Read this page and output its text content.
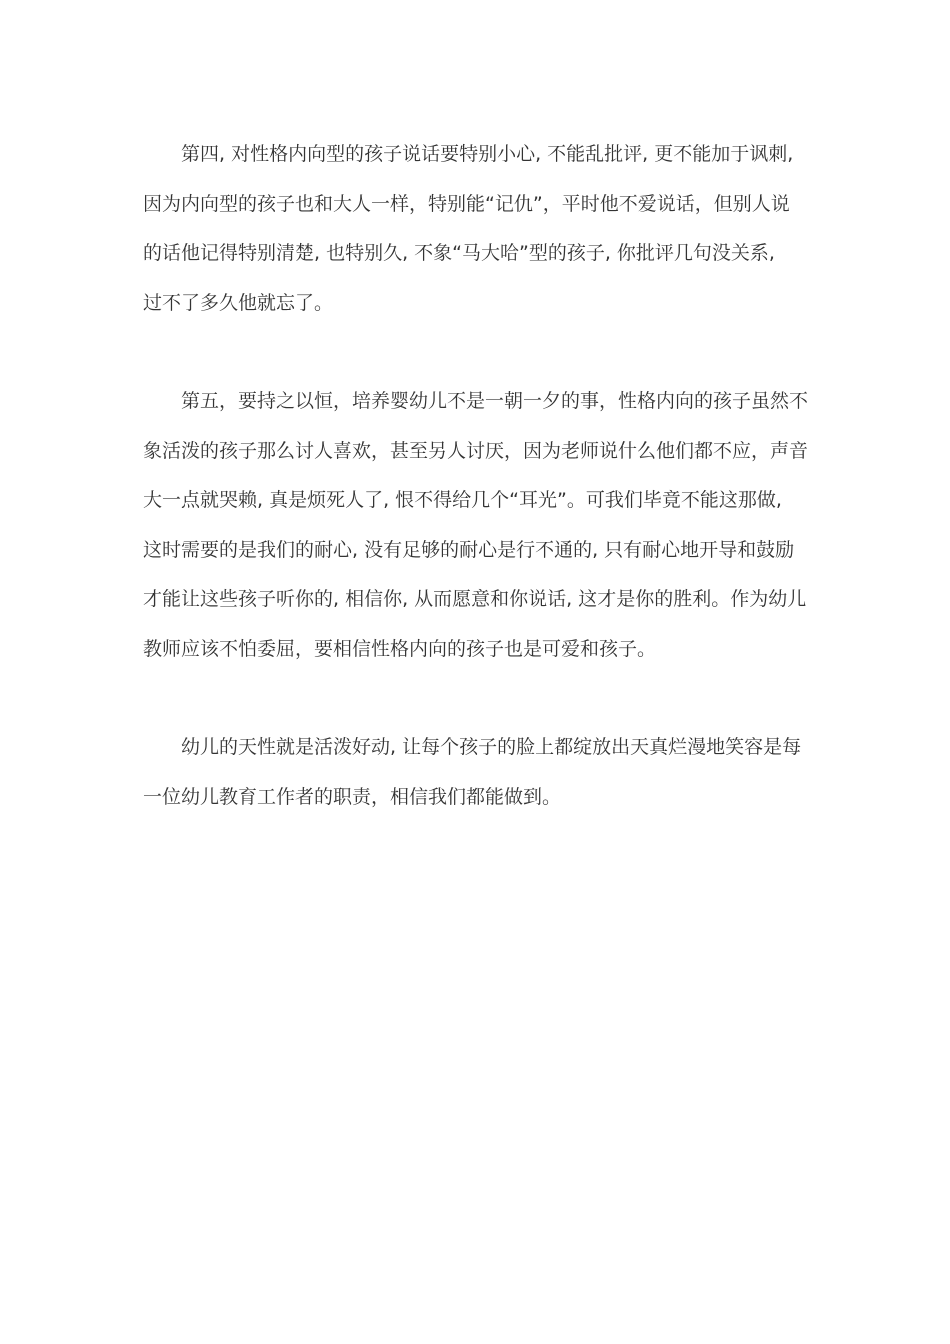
第四, 对性格内向型的孩子说话要特别小心, 不能乱批评, 更不能加于讽刺,
因为内向型的孩子也和大人一样，特别能“记仇”，平时他不爱说话，但别人说
的话他记得特别清楚, 也特别久, 不象“马大哈”型的孩子, 你批评几句没关系,
过不了多久他就忘了。
第五，要持之以恒，培养婴幼儿不是一朝一夕的事，性格内向的孩子虽然不
象活泼的孩子那么讨人喜欢，甚至另人讨厌，因为老师说什么他们都不应，声音
大一点就哭赖, 真是烦死人了, 恨不得给几个“耳光”。可我们毕竟不能这那做,
这时需要的是我们的耐心, 没有足够的耐心是行不通的, 只有耐心地开导和鼓励
才能让这些孩子听你的, 相信你, 从而愿意和你说话, 这才是你的胜利。作为幼儿
教师应该不怕委屈，要相信性格内向的孩子也是可爱和孩子。
幼儿的天性就是活泼好动, 让每个孩子的脸上都绽放出天真烂漫地笑容是每
一位幼儿教育工作者的职责，相信我们都能做到。
